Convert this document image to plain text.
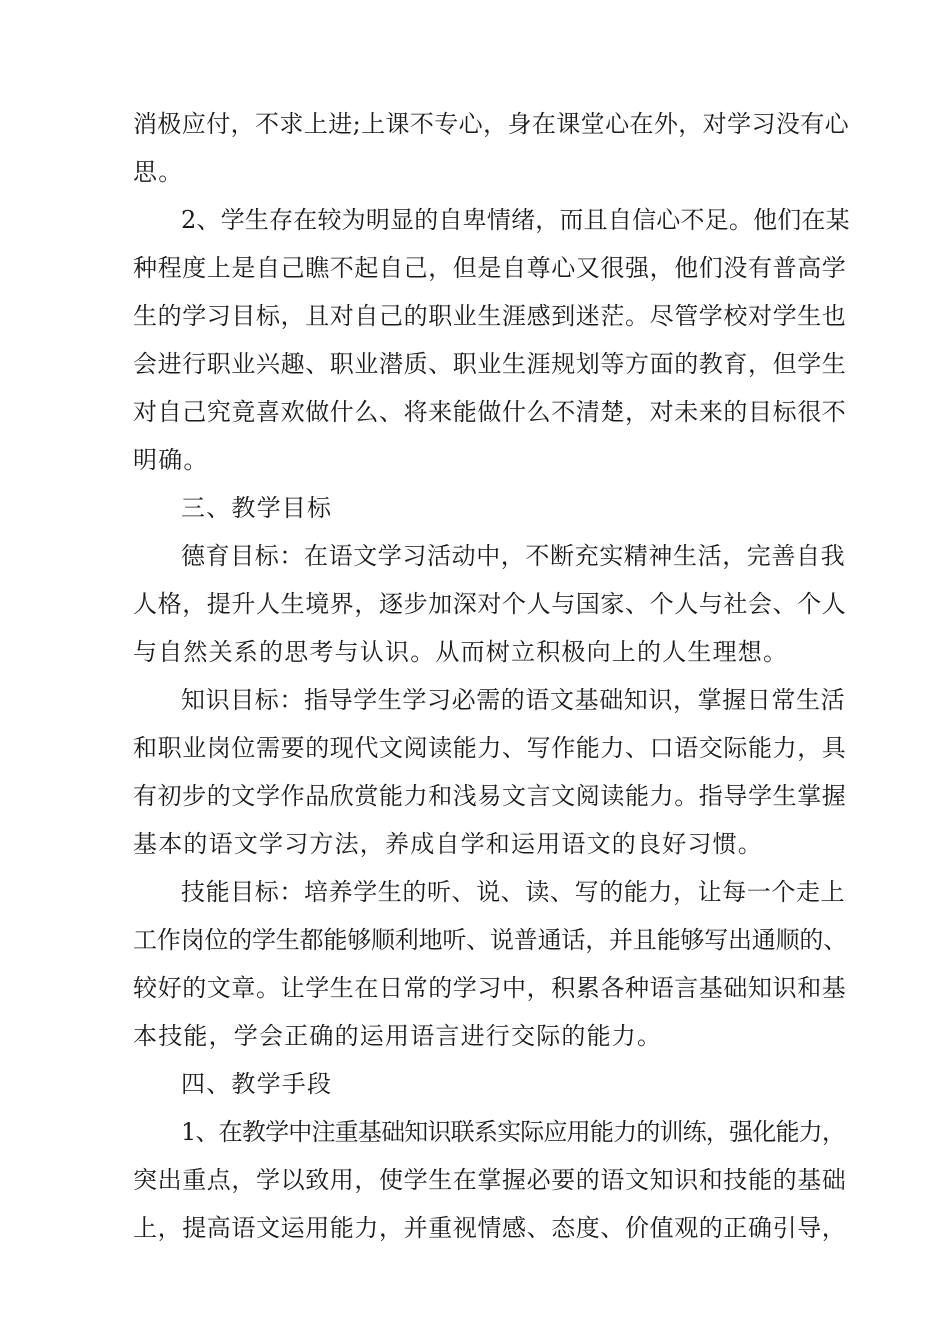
消极应付，不求上进;上课不专心，身在课堂心在外，对学习没有心
思。
2、学生存在较为明显的自卑情绪，而且自信心不足。他们在某
种程度上是自己瞧不起自己，但是自尊心又很强，他们没有普高学
生的学习目标，且对自己的职业生涯感到迷茫。尽管学校对学生也
会进行职业兴趣、职业潜质、职业生涯规划等方面的教育，但学生
对自己究竟喜欢做什么、将来能做什么不清楚，对未来的目标很不
明确。
三、教学目标
德育目标：在语文学习活动中，不断充实精神生活，完善自我
人格，提升人生境界，逐步加深对个人与国家、个人与社会、个人
与自然关系的思考与认识。从而树立积极向上的人生理想。
知识目标：指导学生学习必需的语文基础知识，掌握日常生活
和职业岗位需要的现代文阅读能力、写作能力、口语交际能力，具
有初步的文学作品欣赏能力和浅易文言文阅读能力。指导学生掌握
基本的语文学习方法，养成自学和运用语文的良好习惯。
技能目标：培养学生的听、说、读、写的能力，让每一个走上
工作岗位的学生都能够顺利地听、说普通话，并且能够写出通顺的、
较好的文章。让学生在日常的学习中，积累各种语言基础知识和基
本技能，学会正确的运用语言进行交际的能力。
四、教学手段
1、在教学中注重基础知识联系实际应用能力的训练，强化能力，
突出重点，学以致用，使学生在掌握必要的语文知识和技能的基础
上，提高语文运用能力，并重视情感、态度、价值观的正确引导，
